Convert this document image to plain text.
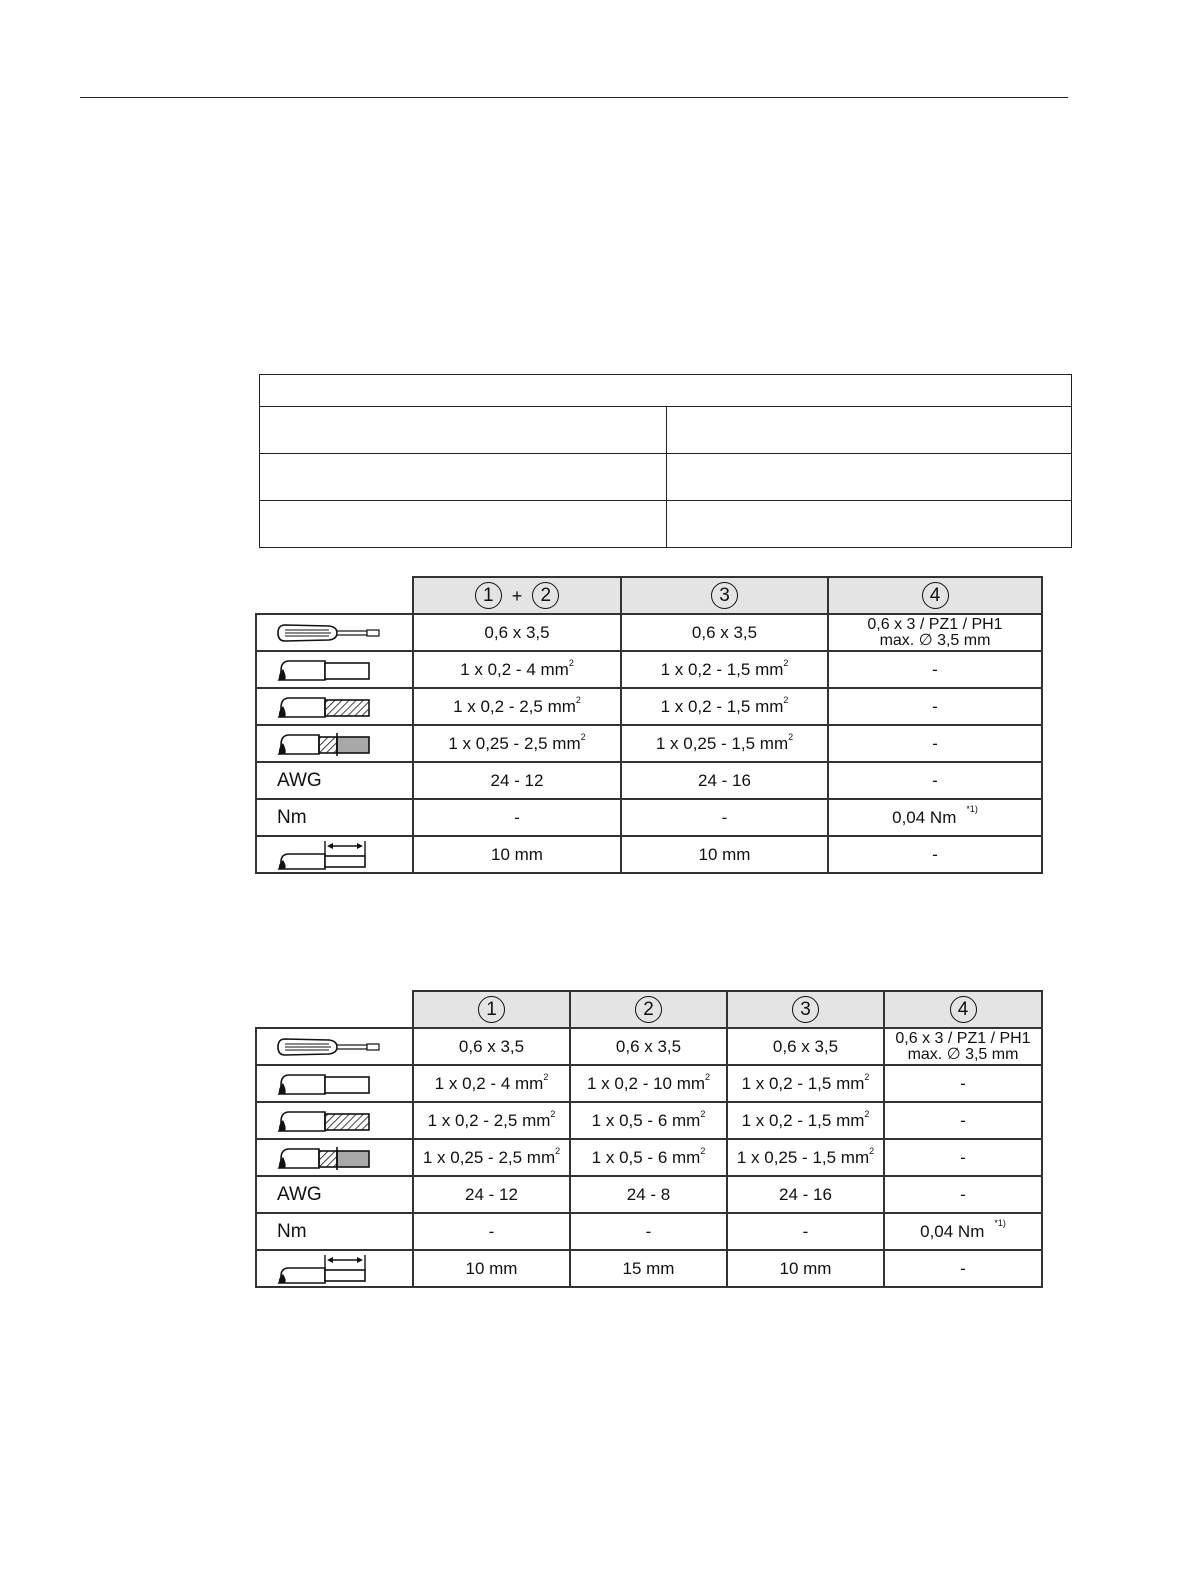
	1 + 2	3	4

	0,6 x 3,5	0,6 x 3,5	0,6 x 3 / PZ1 / PH1
max. ∅ 3,5 mm

	1 x 0,2 - 4 $mm^2$	1 x 0,2 - 1,5 $mm^2$	-

	1 x 0,2 - 2,5 $mm^2$	1 x 0,2 - 1,5 $mm^2$	-

	1 x 0,25 - 2,5 $mm^2$	1 x 0,25 - 1,5 $mm^2$	-
AWG	24 - 12	24 - 16	-
Nm	-	-	0,04 Nm $^{*1)}$

	10 mm	10 mm	-
	1	2	3	4

	0,6 x 3,5	0,6 x 3,5	0,6 x 3,5	0,6 x 3 / PZ1 / PH1
max. ∅ 3,5 mm

	1 x 0,2 - 4 $mm^2$	1 x 0,2 - 10 $mm^2$	1 x 0,2 - 1,5 $mm^2$	-

	1 x 0,2 - 2,5 $mm^2$	1 x 0,5 - 6 $mm^2$	1 x 0,2 - 1,5 $mm^2$	-

	1 x 0,25 - 2,5 $mm^2$	1 x 0,5 - 6 $mm^2$	1 x 0,25 - 1,5 $mm^2$	-
AWG	24 - 12	24 - 8	24 - 16	-
Nm	-	-	-	0,04 Nm $^{*1)}$

	10 mm	15 mm	10 mm	-
